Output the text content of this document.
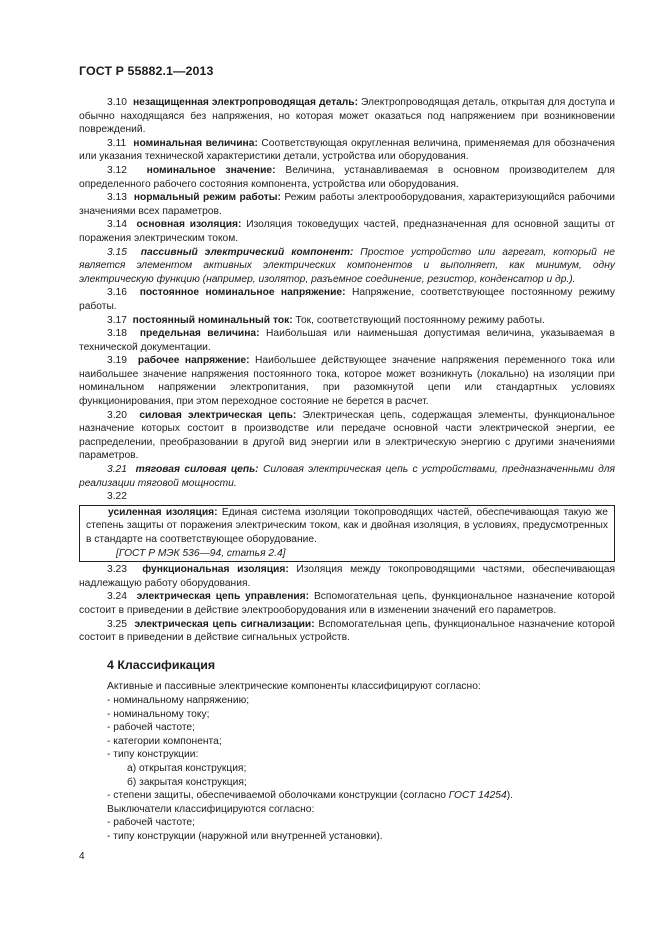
ГОСТ Р 55882.1—2013

3.10 незащищенная электропроводящая деталь: Электропроводящая деталь, открытая для доступа и обычно находящаяся без напряжения, но которая может оказаться под напряжением при возникновении повреждений.

3.11 номинальная величина: Соответствующая округленная величина, применяемая для обозначения или указания технической характеристики детали, устройства или оборудования.

3.12 номинальное значение: Величина, устанавливаемая в основном производителем для определенного рабочего состояния компонента, устройства или оборудования.

3.13 нормальный режим работы: Режим работы электрооборудования, характеризующийся рабочими значениями всех параметров.

3.14 основная изоляция: Изоляция токоведущих частей, предназначенная для основной защиты от поражения электрическим током.

3.15 пассивный электрический компонент: Простое устройство или агрегат, который не является элементом активных электрических компонентов и выполняет, как минимум, одну электрическую функцию (например, изолятор, разъемное соединение, резистор, конденсатор и др.).

3.16 постоянное номинальное напряжение: Напряжение, соответствующее постоянному режиму работы.

3.17 постоянный номинальный ток: Ток, соответствующий постоянному режиму работы.

3.18 предельная величина: Наибольшая или наименьшая допустимая величина, указываемая в технической документации.

3.19 рабочее напряжение: Наибольшее действующее значение напряжения переменного тока или наибольшее значение напряжения постоянного тока, которое может возникнуть (локально) на изоляции при номинальном напряжении электропитания, при разомкнутой цепи или стандартных условиях функционирования, при этом переходное состояние не берется в расчет.

3.20 силовая электрическая цепь: Электрическая цепь, содержащая элементы, функциональное назначение которых состоит в производстве или передаче основной части электрической энергии, ее распределении, преобразовании в другой вид энергии или в электрическую энергию с другими значениями параметров.

3.21 тяговая силовая цепь: Силовая электрическая цепь с устройствами, предназначенными для реализации тяговой мощности.

3.22

усиленная изоляция: Единая система изоляции токопроводящих частей, обеспечивающая такую же степень защиты от поражения электрическим током, как и двойная изоляция, в условиях, предусмотренных в стандарте на соответствующее оборудование.

[ГОСТ Р МЭК 536—94, статья 2.4]

3.23 функциональная изоляция: Изоляция между токопроводящими частями, обеспечивающая надлежащую работу оборудования.

3.24 электрическая цепь управления: Вспомогательная цепь, функциональное назначение которой состоит в приведении в действие электрооборудования или в изменении значений его параметров.

3.25 электрическая цепь сигнализации: Вспомогательная цепь, функциональное назначение которой состоит в приведении в действие сигнальных устройств.

4 Классификация

Активные и пассивные электрические компоненты классифицируют согласно:

- номинальному напряжению;

- номинальному току;

- рабочей частоте;

- категории компонента;

- типу конструкции:

а) открытая конструкция;

б) закрытая конструкция;

- степени защиты, обеспечиваемой оболочками конструкции (согласно ГОСТ 14254).

Выключатели классифицируются согласно:

- рабочей частоте;

- типу конструкции (наружной или внутренней установки).

4
